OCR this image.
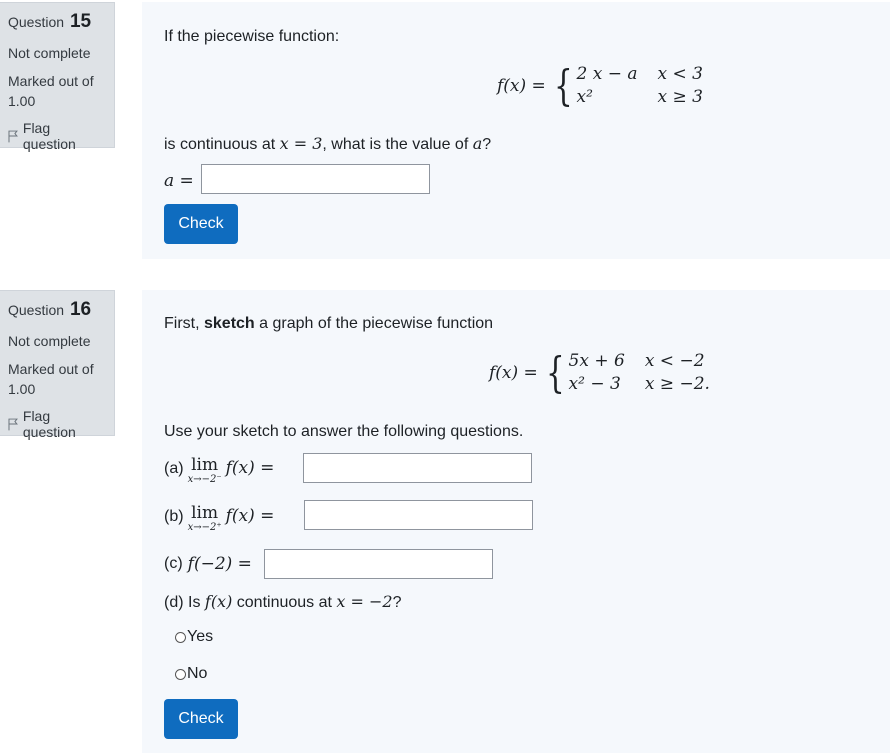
Question 15
Not complete
Marked out of
1.00
Flag question
If the piecewise function:
f(x) = { 2 x − a x < 3
x²	x ≥ 3
is continuous at x = 3, what is the value of a?
a =
Check
Question 16
Not complete
Marked out of
1.00
Flag question
First, sketch a graph of the piecewise function
f(x) = { 5x + 6 x < −2
x² − 3 x ≥ −2.
Use your sketch to answer the following questions.
(a) lim
x→−2⁻
f(x) =
(b) lim
x→−2⁺
f(x) =
(c) f(−2) =
(d) Is f(x) continuous at x = −2?
Yes
No
Check
